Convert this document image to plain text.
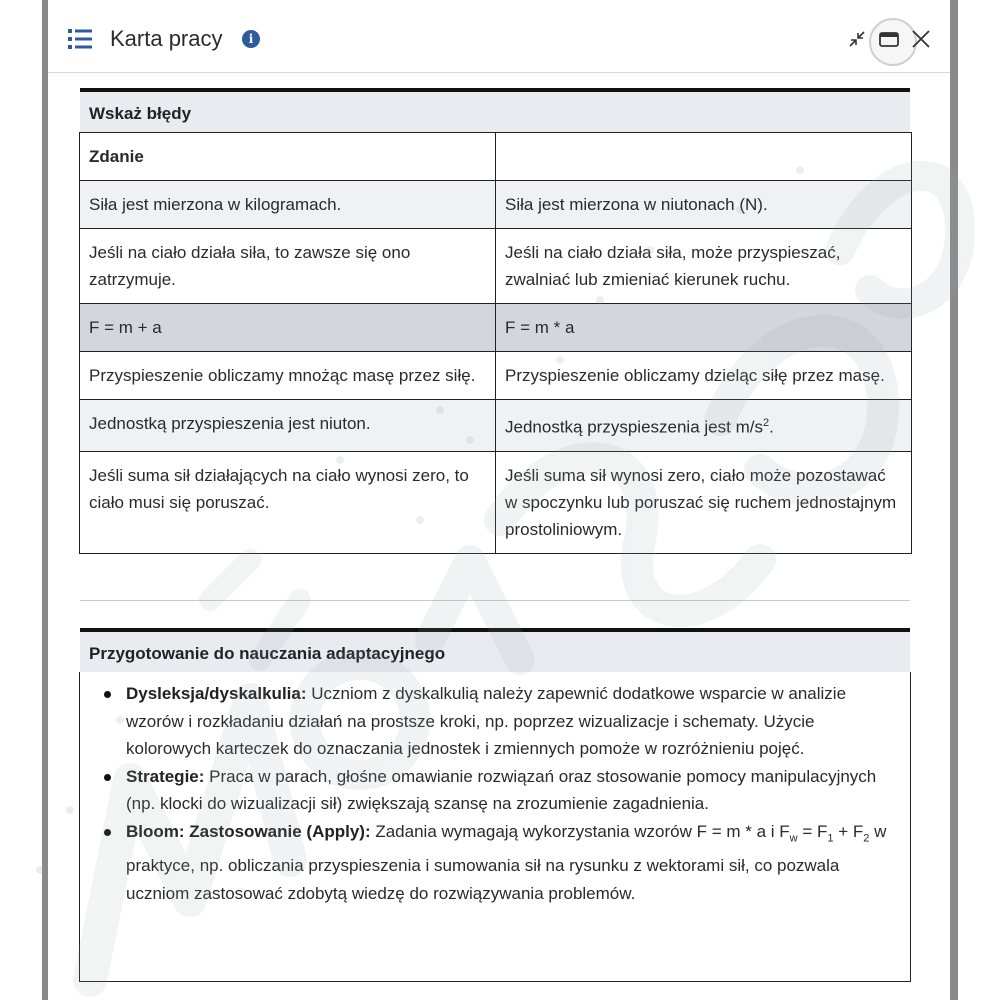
Karta pracy	i
Wskaż błędy
Zdanie	
Siła jest mierzona w kilogramach.	Siła jest mierzona w niutonach (N).
Jeśli na ciało działa siła, to zawsze się ono zatrzymuje.	Jeśli na ciało działa siła, może przyspieszać, zwalniać lub zmieniać kierunek ruchu.
F = m + a	F = m * a
Przyspieszenie obliczamy mnożąc masę przez siłę.	Przyspieszenie obliczamy dzieląc siłę przez masę.
Jednostką przyspieszenia jest niuton.	Jednostką przyspieszenia jest $m/s^2$.
Jeśli suma sił działających na ciało wynosi zero, to ciało musi się poruszać.	Jeśli suma sił wynosi zero, ciało może pozostawać w spoczynku lub poruszać się ruchem jednostajnym prostoliniowym.
Przygotowanie do nauczania adaptacyjnego
Dysleksja/dyskalkulia: Uczniom z dyskalkulią należy zapewnić dodatkowe wsparcie w analizie wzorów i rozkładaniu działań na prostsze kroki, np. poprzez wizualizacje i schematy. Użycie kolorowych karteczek do oznaczania jednostek i zmiennych pomoże w rozróżnieniu pojęć.
Strategie: Praca w parach, głośne omawianie rozwiązań oraz stosowanie pomocy manipulacyjnych (np. klocki do wizualizacji sił) zwiększają szansę na zrozumienie zagadnienia.
Bloom: Zastosowanie (Apply): Zadania wymagają wykorzystania wzorów F = m * a i $F_w = F_1 + F_2$ w praktyce, np. obliczania przyspieszenia i sumowania sił na rysunku z wektorami sił, co pozwala uczniom zastosować zdobytą wiedzę do rozwiązywania problemów.
